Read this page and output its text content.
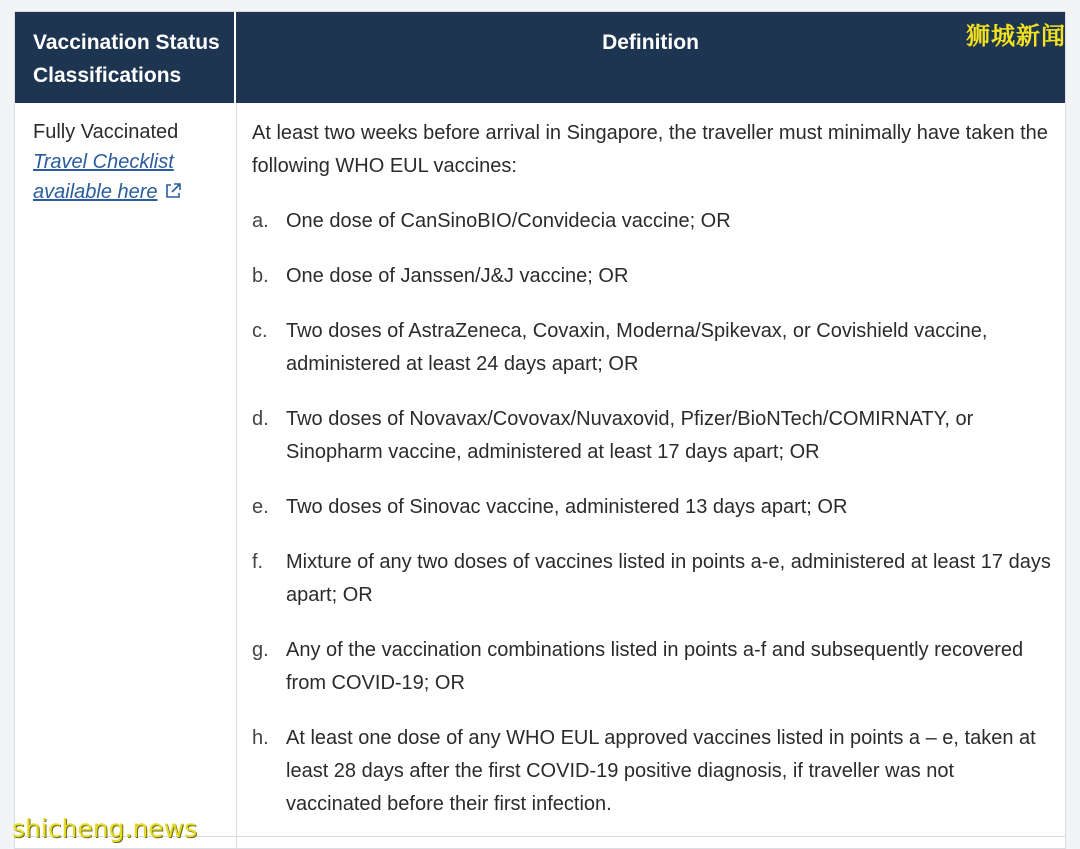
Vaccination Status Classifications
Definition
Fully Vaccinated
Travel Checklist available here

At least two weeks before arrival in Singapore, the traveller must minimally have taken the following WHO EUL vaccines:

a. One dose of CanSinoBIO/Convidecia vaccine; OR
b. One dose of Janssen/J&J vaccine; OR
c. Two doses of AstraZeneca, Covaxin, Moderna/Spikevax, or Covishield vaccine, administered at least 24 days apart; OR
d. Two doses of Novavax/Covovax/Nuvaxovid, Pfizer/BioNTech/COMIRNATY, or Sinopharm vaccine, administered at least 17 days apart; OR
e. Two doses of Sinovac vaccine, administered 13 days apart; OR
f.	Mixture of any two doses of vaccines listed in points a-e, administered at least 17 days apart; OR
g. Any of the vaccination combinations listed in points a-f and subsequently recovered from COVID-19; OR
h. At least one dose of any WHO EUL approved vaccines listed in points a – e, taken at least 28 days after the first COVID-19 positive diagnosis, if traveller was not vaccinated before their first infection.
狮城新闻
shicheng.news
